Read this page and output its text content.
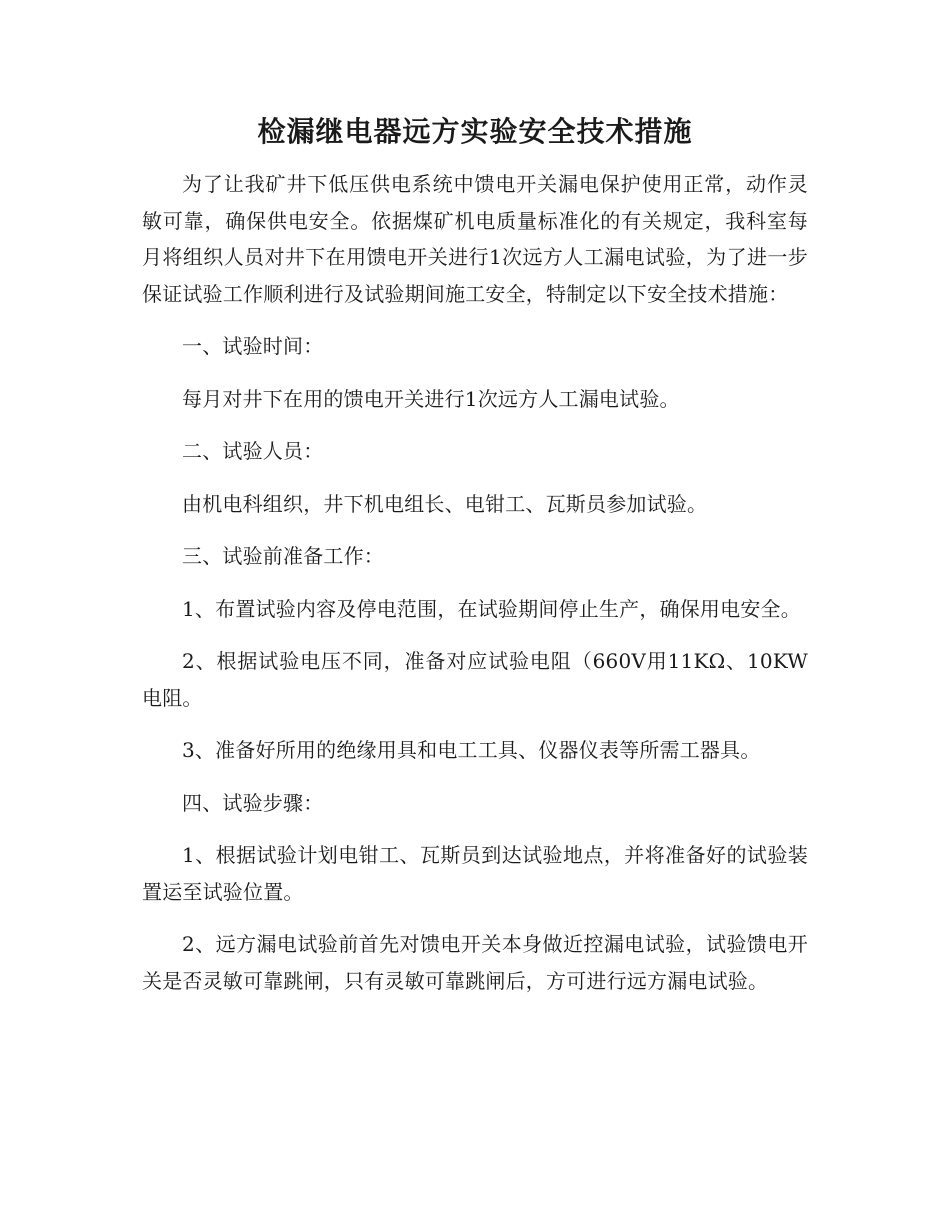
检漏继电器远方实验安全技术措施

为了让我矿井下低压供电系统中馈电开关漏电保护使用正常，动作灵敏可靠，确保供电安全。依据煤矿机电质量标准化的有关规定，我科室每月将组织人员对井下在用馈电开关进行1次远方人工漏电试验，为了进一步保证试验工作顺利进行及试验期间施工安全，特制定以下安全技术措施：

一、试验时间：

每月对井下在用的馈电开关进行1次远方人工漏电试验。

二、试验人员：

由机电科组织，井下机电组长、电钳工、瓦斯员参加试验。

三、试验前准备工作：

1、布置试验内容及停电范围，在试验期间停止生产，确保用电安全。

2、根据试验电压不同，准备对应试验电阻（660V用11KΩ、10KW电阻。

3、准备好所用的绝缘用具和电工工具、仪器仪表等所需工器具。

四、试验步骤：

1、根据试验计划电钳工、瓦斯员到达试验地点，并将准备好的试验装置运至试验位置。

2、远方漏电试验前首先对馈电开关本身做近控漏电试验，试验馈电开关是否灵敏可靠跳闸，只有灵敏可靠跳闸后，方可进行远方漏电试验。
